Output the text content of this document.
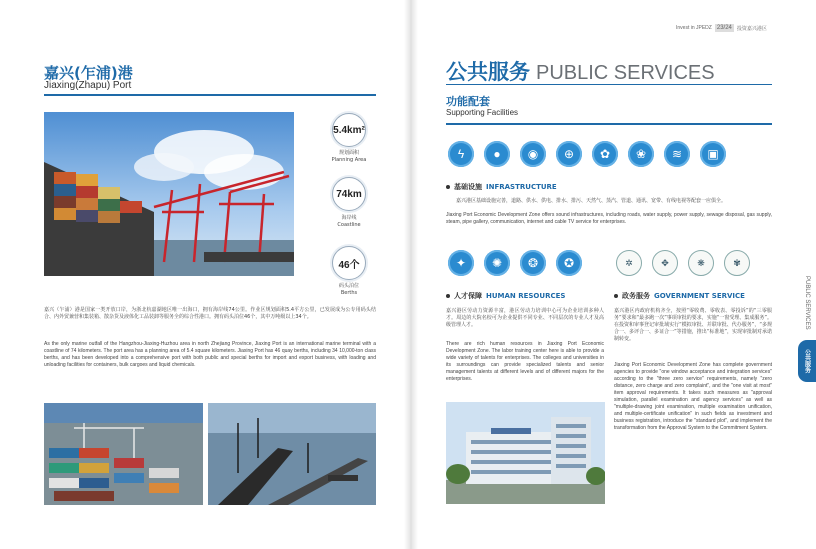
嘉兴(乍浦)港
Jiaxing(Zhapu) Port
5.4km²
规划面积
Planning Area
74km
海岸线
Coastline
46个
码头泊位
Berths
嘉兴（乍浦）港是国家一类开放口岸，为浙北杭嘉湖地区唯一出海口，拥有海岸线74公里。作业区规划面积5.4平方公里，已发展成为公专用码头结合、内外贸兼营和集装箱、散杂货及液体化工品装卸等服务全的综合性港口。拥有码头泊位46个，其中万吨级以上34个。
As the only marine outfall of the Hangzhou-Jiaxing-Huzhou area in north Zhejiang Province, Jiaxing Port is an international marine terminal with a coastline of 74 kilometers. The port area has a planning area of 5.4 square kilometers. Jiaxing Port has 46 quay berths, including 34 10,000-ton class berths, and has been developed into a comprehensive port with both public and special berths for import and export business, with loading and unloading facilities for containers, bulk cargoes and liquid chemicals.
Invest in JPEDZ 23/24	投资嘉兴港区
公共服务 PUBLIC SERVICES
功能配套
Supporting Facilities
ϟ	●	◉	⊕	✿	❀	≋	▣
基础设施 INFRASTRUCTURE
嘉兴港区基础设施完善，道路、供水、供电、排水、排污、天然气、蒸汽、管道、通讯、宽带、有线电视等配套一应俱全。
Jiaxing Port Economic Development Zone offers sound infrastructures, including roads, water supply, power supply, sewage disposal, gas supply, steam, pipe gallery, communication, internet and cable TV service for enterprises.
✦	✺	❂	✪	✲	✥	❋	✾
人才保障 HUMAN RESOURCES
嘉兴港区劳动力资源丰富，港区劳动力培训中心可为企业培训多种人才。周边的大院名校可为企业提供不同专业、不同层次的专业人才及高级管理人才。
There are rich human resources in Jiaxing Port Economic Development Zone. The labor training center here is able to provide a wide variety of talents for enterprises. The colleges and universities in its surroundings can provide specialized talents and senior management talents at different levels and of different majors for the enterprises.
政务服务 GOVERNMENT SERVICE
嘉兴港区内政府机构齐全，按照“零收费、零收表、零投诉”的“三零服务”要求和“最多跑一次”事项审批的要求，实施“一窗受理、集成服务”。在投资和审事登记审批域实行“模拟审批、并联审批、代办服务”，“多规合一、多评合一、多证合一”等措施，推出“标准地”，实现审批制对承诺制转变。
Jiaxing Port Economic Development Zone has complete government agencies to provide "one window acceptance and integration services" according to the "three zero service" requirements, namely "zero distance, zero charge and zero complaint", and the "one visit at most" item approval requirements. It takes such measures as "approval simulation, parallel examination and agency services" as well as "multiple-drawing joint examination, multiple examination unification, and multiple-certificate unification" in such fields as investment and business registration, introduce the "standard plot", and implement the transformation from the Approval System to the Commitment System.
PUBLIC SERVICES
公共服务
